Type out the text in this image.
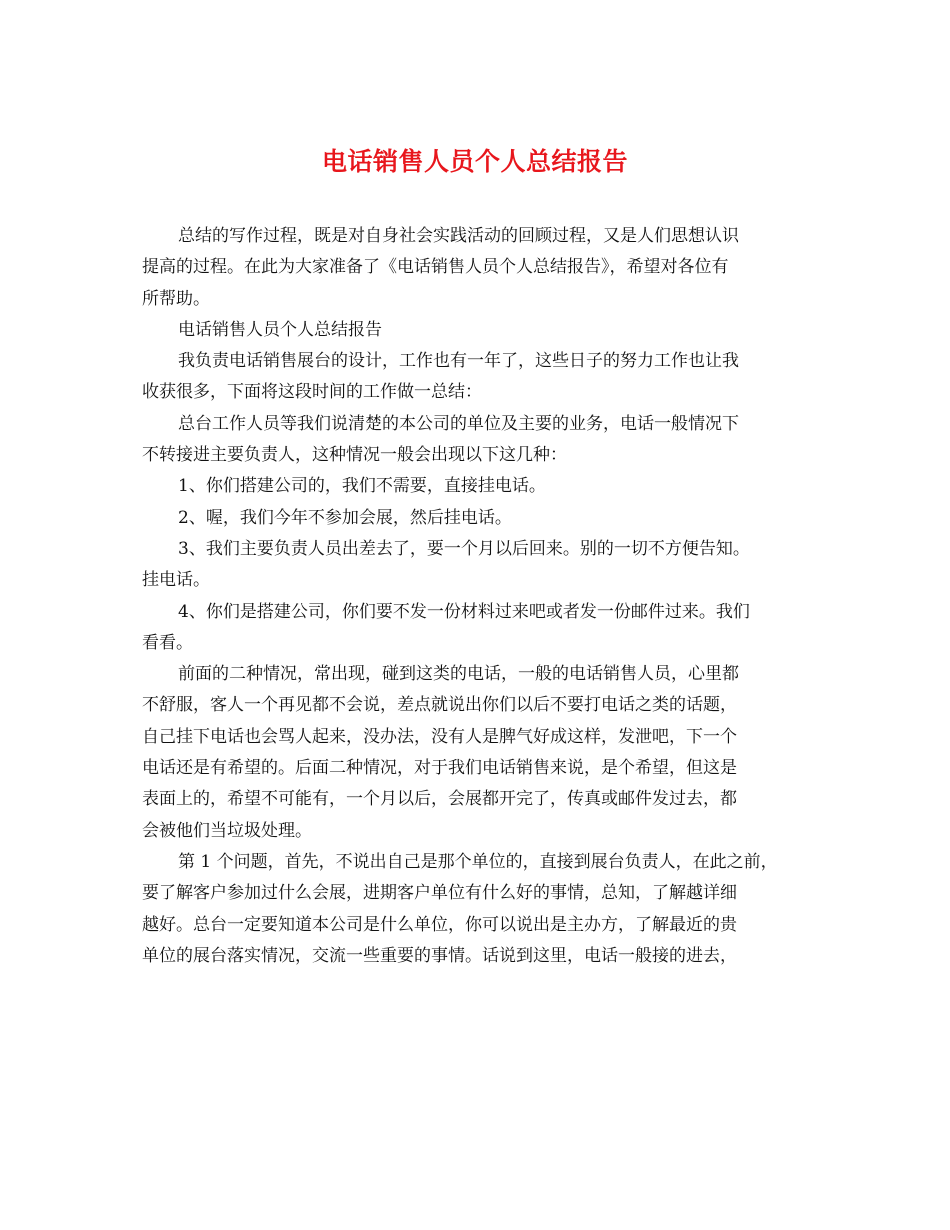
电话销售人员个人总结报告
总结的写作过程，既是对自身社会实践活动的回顾过程，又是人们思想认识
提高的过程。在此为大家准备了《电话销售人员个人总结报告》，希望对各位有
所帮助。
电话销售人员个人总结报告
我负责电话销售展台的设计，工作也有一年了，这些日子的努力工作也让我
收获很多，下面将这段时间的工作做一总结：
总台工作人员等我们说清楚的本公司的单位及主要的业务，电话一般情况下
不转接进主要负责人，这种情况一般会出现以下这几种：
1、你们搭建公司的，我们不需要，直接挂电话。
2、喔，我们今年不参加会展，然后挂电话。
3、我们主要负责人员出差去了，要一个月以后回来。别的一切不方便告知。
挂电话。
4、你们是搭建公司，你们要不发一份材料过来吧或者发一份邮件过来。我们
看看。
前面的二种情况，常出现，碰到这类的电话，一般的电话销售人员，心里都
不舒服，客人一个再见都不会说，差点就说出你们以后不要打电话之类的话题，
自己挂下电话也会骂人起来，没办法，没有人是脾气好成这样，发泄吧，下一个
电话还是有希望的。后面二种情况，对于我们电话销售来说，是个希望，但这是
表面上的，希望不可能有，一个月以后，会展都开完了，传真或邮件发过去，都
会被他们当垃圾处理。
第 1 个问题，首先，不说出自己是那个单位的，直接到展台负责人，在此之前，
要了解客户参加过什么会展，进期客户单位有什么好的事情，总知，了解越详细
越好。总台一定要知道本公司是什么单位，你可以说出是主办方，了解最近的贵
单位的展台落实情况，交流一些重要的事情。话说到这里，电话一般接的进去，
